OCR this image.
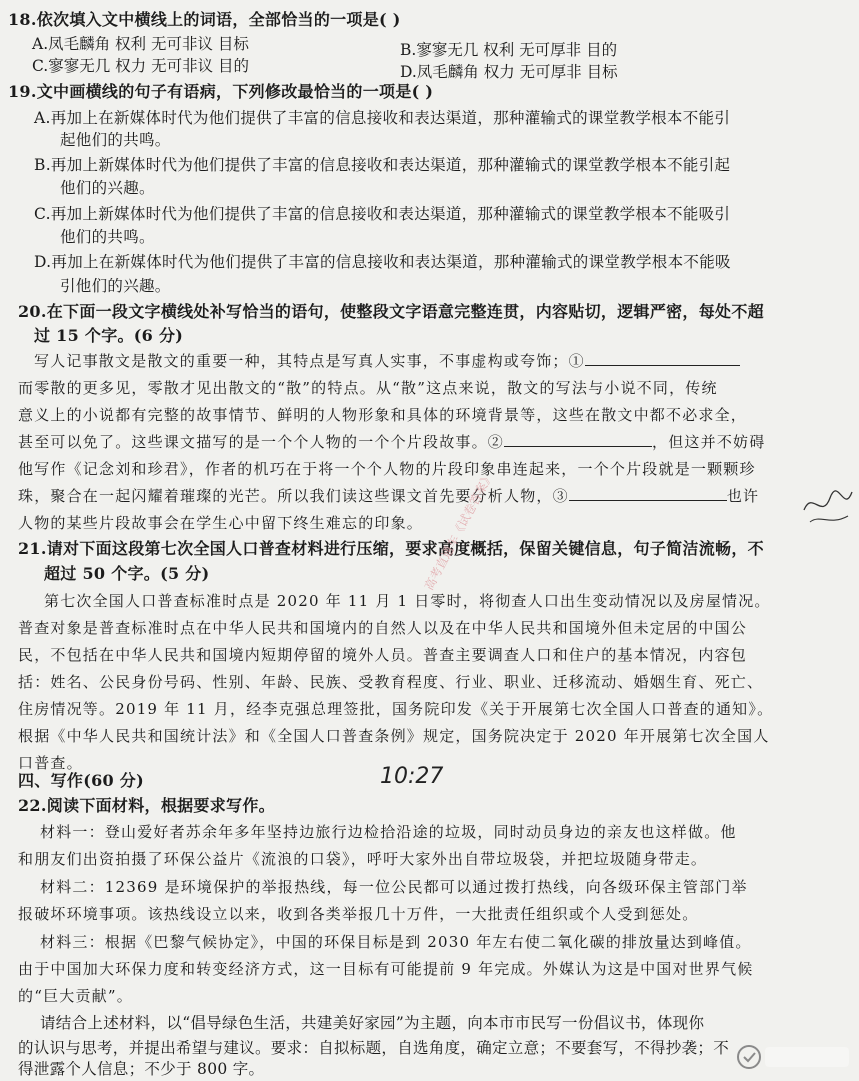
18.依次填入文中横线上的词语，全部恰当的一项是( )
A.凤毛麟角 权利 无可非议 目标	B.寥寥无几 权利 无可厚非 目的
C.寥寥无几 权力 无可非议 目的	D.凤毛麟角 权力 无可厚非 目标
19.文中画横线的句子有语病，下列修改最恰当的一项是( )
A.再加上在新媒体时代为他们提供了丰富的信息接收和表达渠道，那种灌输式的课堂教学根本不能引
起他们的共鸣。
B.再加上新媒体时代为他们提供了丰富的信息接收和表达渠道，那种灌输式的课堂教学根本不能引起
他们的兴趣。
C.再加上新媒体时代为他们提供了丰富的信息接收和表达渠道，那种灌输式的课堂教学根本不能吸引
他们的共鸣。
D.再加上在新媒体时代为他们提供了丰富的信息接收和表达渠道，那种灌输式的课堂教学根本不能吸
引他们的兴趣。
20.在下面一段文字横线处补写恰当的语句，使整段文字语意完整连贯，内容贴切，逻辑严密，每处不超
过 15 个字。(6 分)
写人记事散文是散文的重要一种，其特点是写真人实事，不事虚构或夸饰；①
而零散的更多见，零散才见出散文的“散”的特点。从“散”这点来说，散文的写法与小说不同，传统
意义上的小说都有完整的故事情节、鲜明的人物形象和具体的环境背景等，这些在散文中都不必求全，
甚至可以免了。这些课文描写的是一个个人物的一个个片段故事。②	，但这并不妨碍
他写作《记念刘和珍君》，作者的机巧在于将一个个人物的片段印象串连起来，一个个片段就是一颗颗珍
珠，聚合在一起闪耀着璀璨的光芒。所以我们读这些课文首先要分析人物，③	也许
人物的某些片段故事会在学生心中留下终生难忘的印象。
21.请对下面这段第七次全国人口普查材料进行压缩，要求高度概括，保留关键信息，句子简洁流畅，不
超过 50 个字。(5 分)
第七次全国人口普查标准时点是 2020 年 11 月 1 日零时，将彻查人口出生变动情况以及房屋情况。
普查对象是普查标准时点在中华人民共和国境内的自然人以及在中华人民共和国境外但未定居的中国公
民，不包括在中华人民共和国境内短期停留的境外人员。普查主要调查人口和住户的基本情况，内容包
括：姓名、公民身份号码、性别、年龄、民族、受教育程度、行业、职业、迁移流动、婚姻生育、死亡、
住房情况等。2019 年 11 月，经李克强总理签批，国务院印发《关于开展第七次全国人口普查的通知》。
根据《中华人民共和国统计法》和《全国人口普查条例》规定，国务院决定于 2020 年开展第七次全国人
口普查。
四、写作(60 分)	10:27
22.阅读下面材料，根据要求写作。
材料一：登山爱好者苏余年多年坚持边旅行边检拾沿途的垃圾，同时动员身边的亲友也这样做。他
和朋友们出资拍摄了环保公益片《流浪的口袋》，呼吁大家外出自带垃圾袋，并把垃圾随身带走。
材料二：12369 是环境保护的举报热线，每一位公民都可以通过拨打热线，向各级环保主管部门举
报破坏环境事项。该热线设立以来，收到各类举报几十万件，一大批责任组织或个人受到惩处。
材料三：根据《巴黎气候协定》，中国的环保目标是到 2030 年左右使二氧化碳的排放量达到峰值。
由于中国加大环保力度和转变经济方式，这一目标有可能提前 9 年完成。外媒认为这是中国对世界气候
的“巨大贡献”。
请结合上述材料，以“倡导绿色生活，共建美好家园”为主题，向本市市民写一份倡议书，体现你
的认识与思考，并提出希望与建议。要求：自拟标题，自选角度，确定立意；不要套写，不得抄袭；不
得泄露个人信息；不少于 800 字。
高考直通车《试卷答案》
